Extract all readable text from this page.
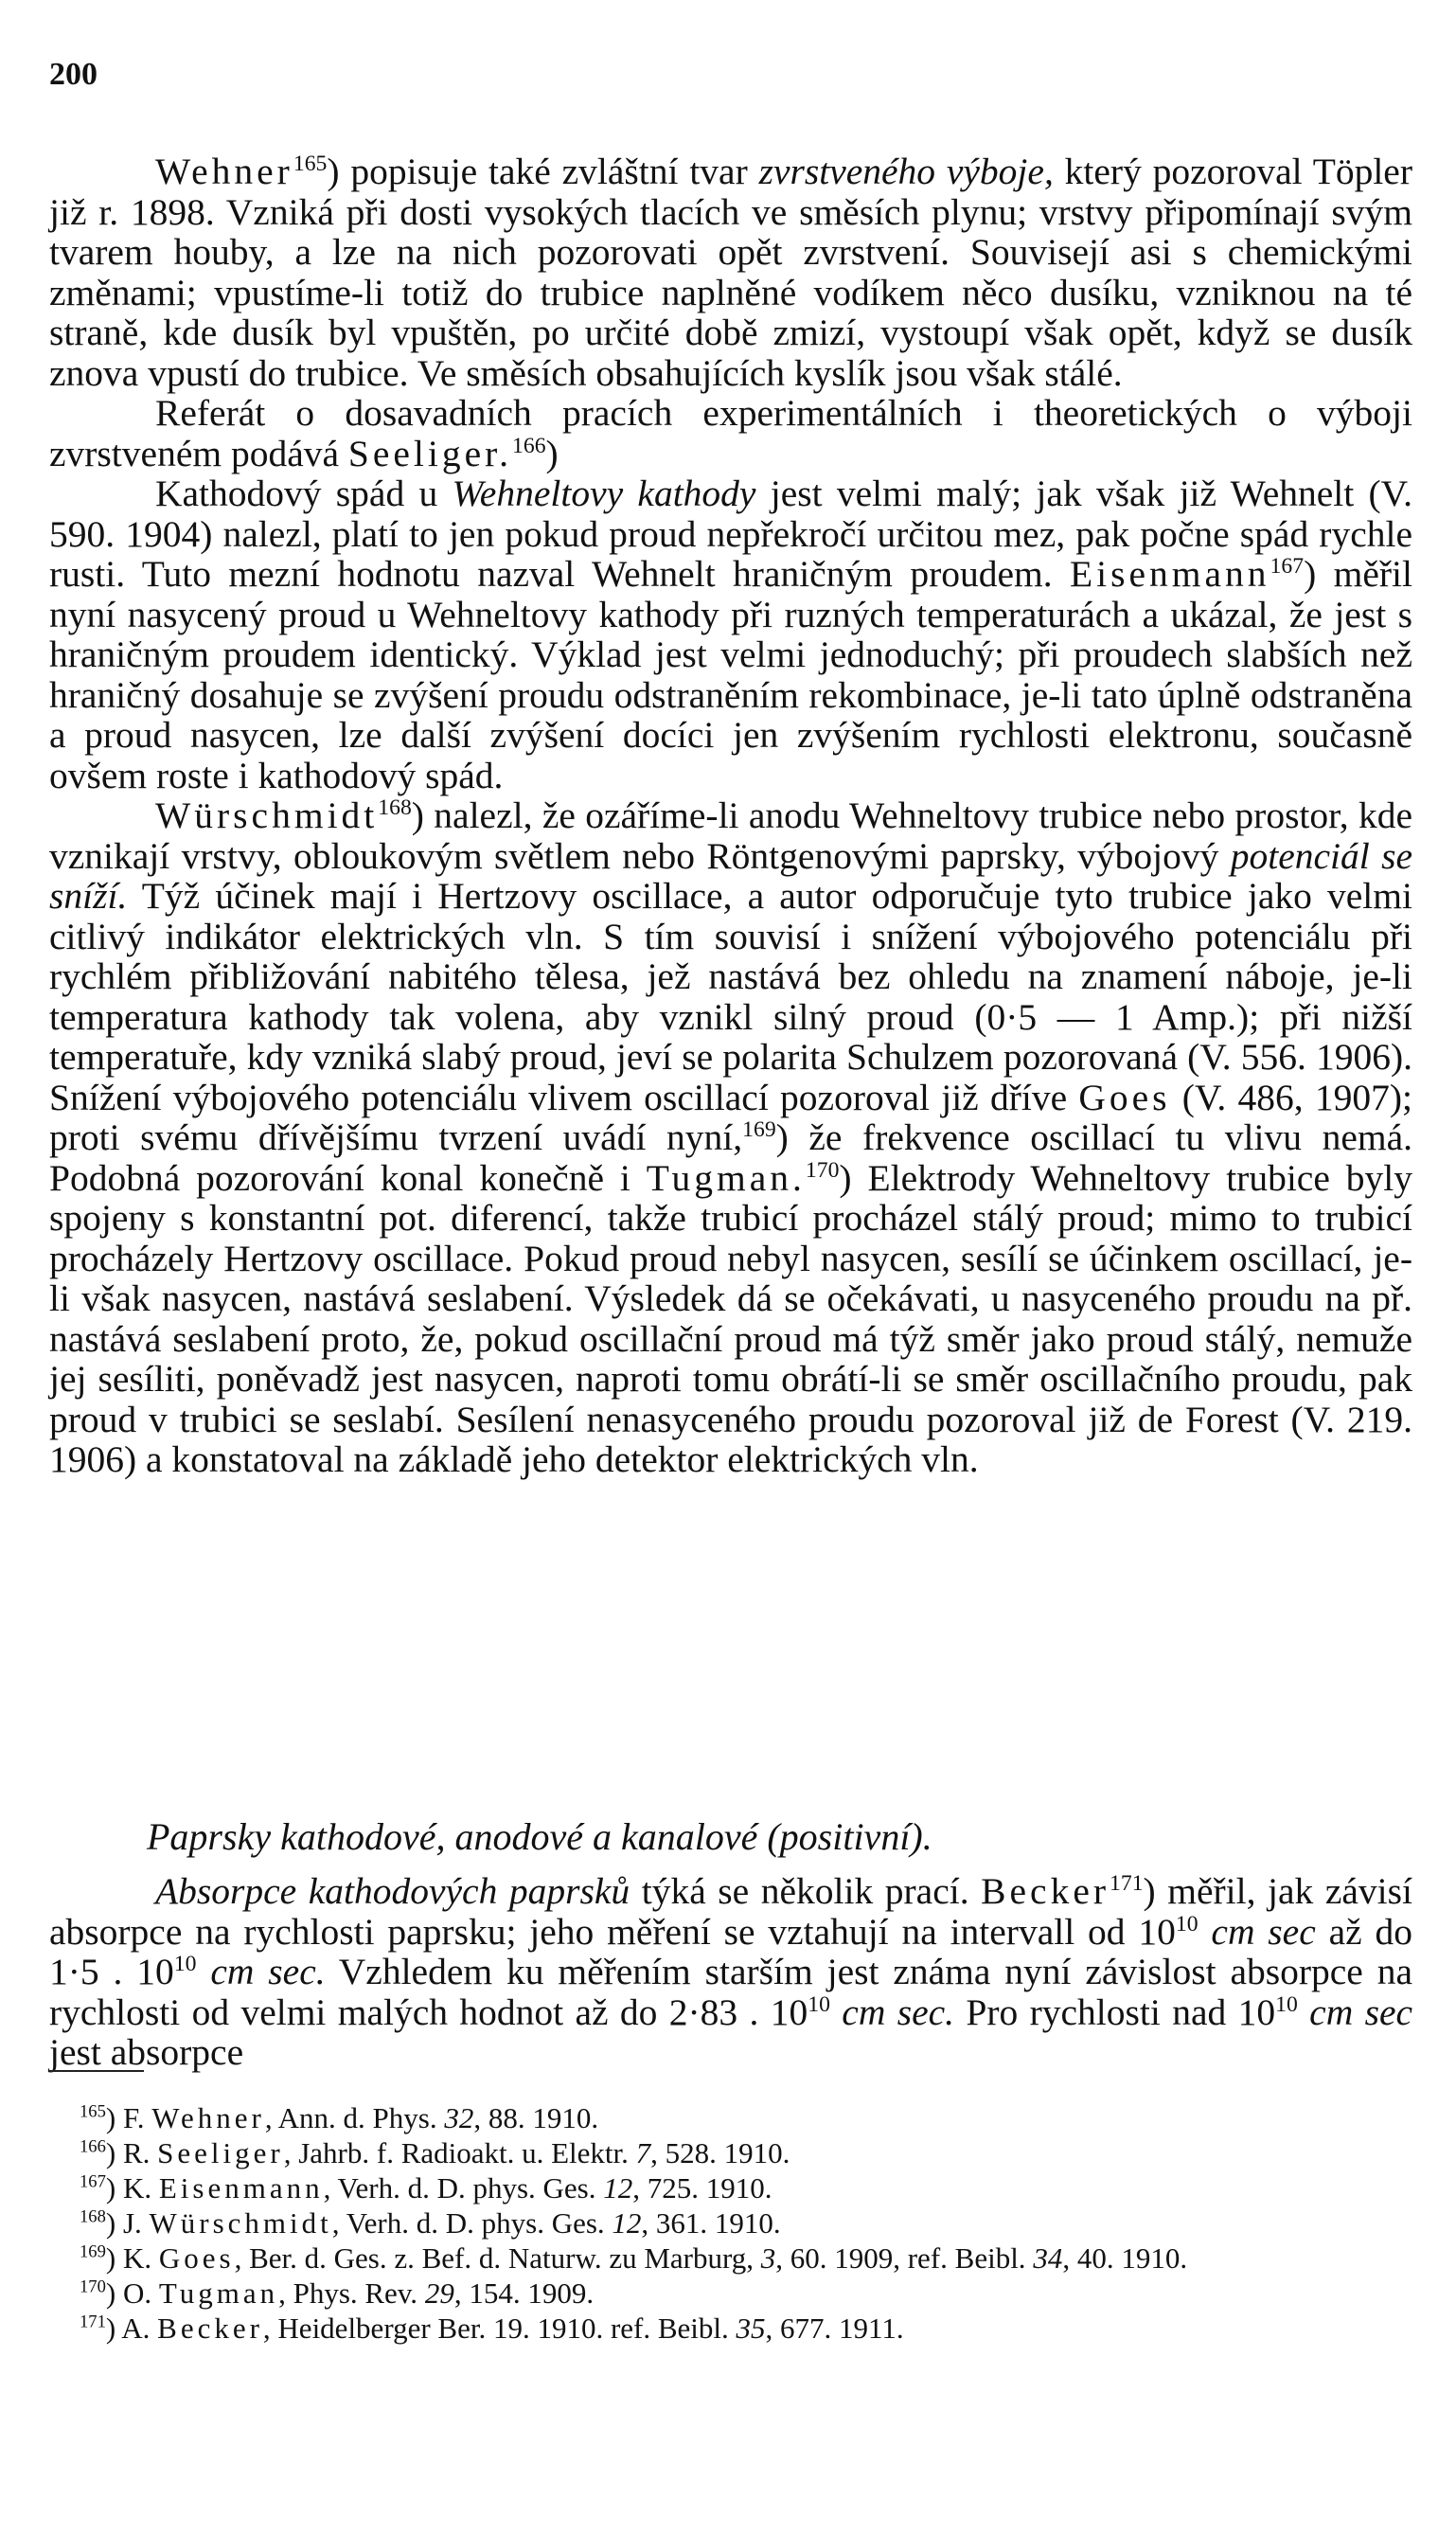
200

Wehner$^{165}$) popisuje také zvláštní tvar zvrstveného výboje, který pozoroval Töpler již r. 1898. Vzniká při dosti vysokých tlacích ve směsích plynu; vrstvy připomínají svým tvarem houby, a lze na nich pozorovati opět zvrstvení. Souvisejí asi s chemickými změnami; vpustíme-li totiž do trubice naplněné vodíkem něco dusíku, vzniknou na té straně, kde dusík byl vpuštěn, po určité době zmizí, vystoupí však opět, když se dusík znova vpustí do trubice. Ve směsích obsahujících kyslík jsou však stálé.

Referát o dosavadních pracích experimentálních i theoretických o výboji zvrstveném podává Seeliger.$^{166}$)

Kathodový spád u Wehneltovy kathody jest velmi malý; jak však již Wehnelt (V. 590. 1904) nalezl, platí to jen pokud proud nepřekročí určitou mez, pak počne spád rychle rusti. Tuto mezní hodnotu nazval Wehnelt hraničným proudem. Eisenmann$^{167}$) měřil nyní nasycený proud u Wehneltovy kathody při ruzných temperaturách a ukázal, že jest s hraničným proudem identický. Výklad jest velmi jednoduchý; při proudech slabších než hraničný dosahuje se zvýšení proudu odstraněním rekombinace, je-li tato úplně odstraněna a proud nasycen, lze další zvýšení docíci jen zvýšením rychlosti elektronu, současně ovšem roste i kathodový spád.

Würschmidt$^{168}$) nalezl, že ozáříme-li anodu Wehneltovy trubice nebo prostor, kde vznikají vrstvy, obloukovým světlem nebo Röntgenovými paprsky, výbojový potenciál se sníží. Týž účinek mají i Hertzovy oscillace, a autor odporučuje tyto trubice jako velmi citlivý indikátor elektrických vln. S tím souvisí i snížení výbojového potenciálu při rychlém přibližování nabitého tělesa, jež nastává bez ohledu na znamení náboje, je-li temperatura kathody tak volena, aby vznikl silný proud (0·5 — 1 Amp.); při nižší temperatuře, kdy vzniká slabý proud, jeví se polarita Schulzem pozorovaná (V. 556. 1906). Snížení výbojového potenciálu vlivem oscillací pozoroval již dříve Goes (V. 486, 1907); proti svému dřívějšímu tvrzení uvádí nyní,$^{169}$) že frekvence oscillací tu vlivu nemá. Podobná pozorování konal konečně i Tugman.$^{170}$) Elektrody Wehneltovy trubice byly spojeny s konstantní pot. diferencí, takže trubicí procházel stálý proud; mimo to trubicí procházely Hertzovy oscillace. Pokud proud nebyl nasycen, sesílí se účinkem oscillací, je-li však nasycen, nastává seslabení. Výsledek dá se očekávati, u nasyceného proudu na př. nastává seslabení proto, že, pokud oscillační proud má týž směr jako proud stálý, nemuže jej sesíliti, poněvadž jest nasycen, naproti tomu obrátí-li se směr oscillačního proudu, pak proud v trubici se seslabí. Sesílení nenasyceného proudu pozoroval již de Forest (V. 219. 1906) a konstatoval na základě jeho detektor elektrických vln.

Paprsky kathodové, anodové a kanalové (positivní).

Absorpce kathodových paprsků týká se několik prací. Becker$^{171}$) měřil, jak závisí absorpce na rychlosti paprsku; jeho měření se vztahují na intervall od 10$^{10}$ cm sec až do 1·5 . 10$^{10}$ cm sec. Vzhledem ku měřením starším jest známa nyní závislost absorpce na rychlosti od velmi malých hodnot až do 2·83 . 10$^{10}$ cm sec. Pro rychlosti nad 10$^{10}$ cm sec jest absorpce

$^{165}$) F. Wehner, Ann. d. Phys. 32, 88. 1910.

$^{166}$) R. Seeliger, Jahrb. f. Radioakt. u. Elektr. 7, 528. 1910.

$^{167}$) K. Eisenmann, Verh. d. D. phys. Ges. 12, 725. 1910.

$^{168}$) J. Würschmidt, Verh. d. D. phys. Ges. 12, 361. 1910.

$^{169}$) K. Goes, Ber. d. Ges. z. Bef. d. Naturw. zu Marburg, 3, 60. 1909, ref. Beibl. 34, 40. 1910.

$^{170}$) O. Tugman, Phys. Rev. 29, 154. 1909.

$^{171}$) A. Becker, Heidelberger Ber. 19. 1910. ref. Beibl. 35, 677. 1911.
